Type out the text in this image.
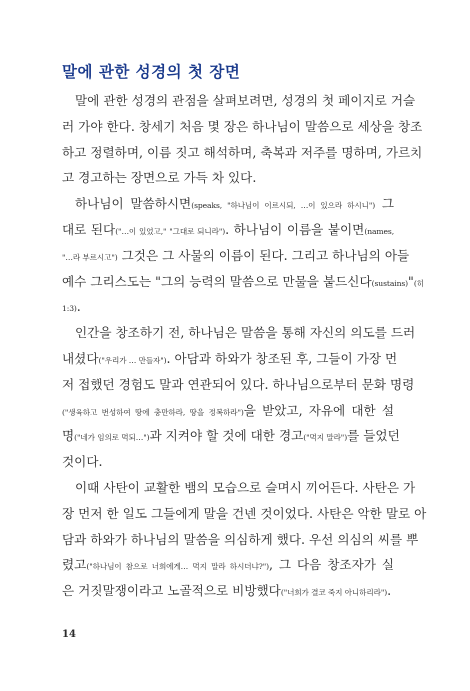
말에 관한 성경의 첫 장면
말에 관한 성경의 관점을 살펴보려면, 성경의 첫 페이지로 거슬
러 가야 한다. 창세기 처음 몇 장은 하나님이 말씀으로 세상을 창조
하고 정렬하며, 이름 짓고 해석하며, 축복과 저주를 명하며, 가르치
고 경고하는 장면으로 가득 차 있다.
하나님이 말씀하시면(speaks, "하나님이 이르시되, …이 있으라 하시니") 그
대로 된다("…이 있었고," "그대로 되니라"). 하나님이 이름을 붙이면(names,
"…라 부르시고") 그것은 그 사물의 이름이 된다. 그리고 하나님의 아들
예수 그리스도는 "그의 능력의 말씀으로 만물을 붙드신다(sustains)"(히
1:3).
인간을 창조하기 전, 하나님은 말씀을 통해 자신의 의도를 드러
내셨다("우리가 … 만들자"). 아담과 하와가 창조된 후, 그들이 가장 먼
저 접했던 경험도 말과 연관되어 있다. 하나님으로부터 문화 명령
("생육하고 번성하여 땅에 충만하라, 땅을 정복하라")을 받았고, 자유에 대한 설
명("네가 임의로 먹되…")과 지켜야 할 것에 대한 경고("먹지 말라")를 들었던
것이다.
이때 사탄이 교활한 뱀의 모습으로 슬며시 끼어든다. 사탄은 가
장 먼저 한 일도 그들에게 말을 건넨 것이었다. 사탄은 악한 말로 아
담과 하와가 하나님의 말씀을 의심하게 했다. 우선 의심의 씨를 뿌
렸고("하나님이 참으로 너희에게… 먹지 말라 하시더냐?"), 그 다음 창조자가 실
은 거짓말쟁이라고 노골적으로 비방했다("너희가 결코 죽지 아니하리라").
14
